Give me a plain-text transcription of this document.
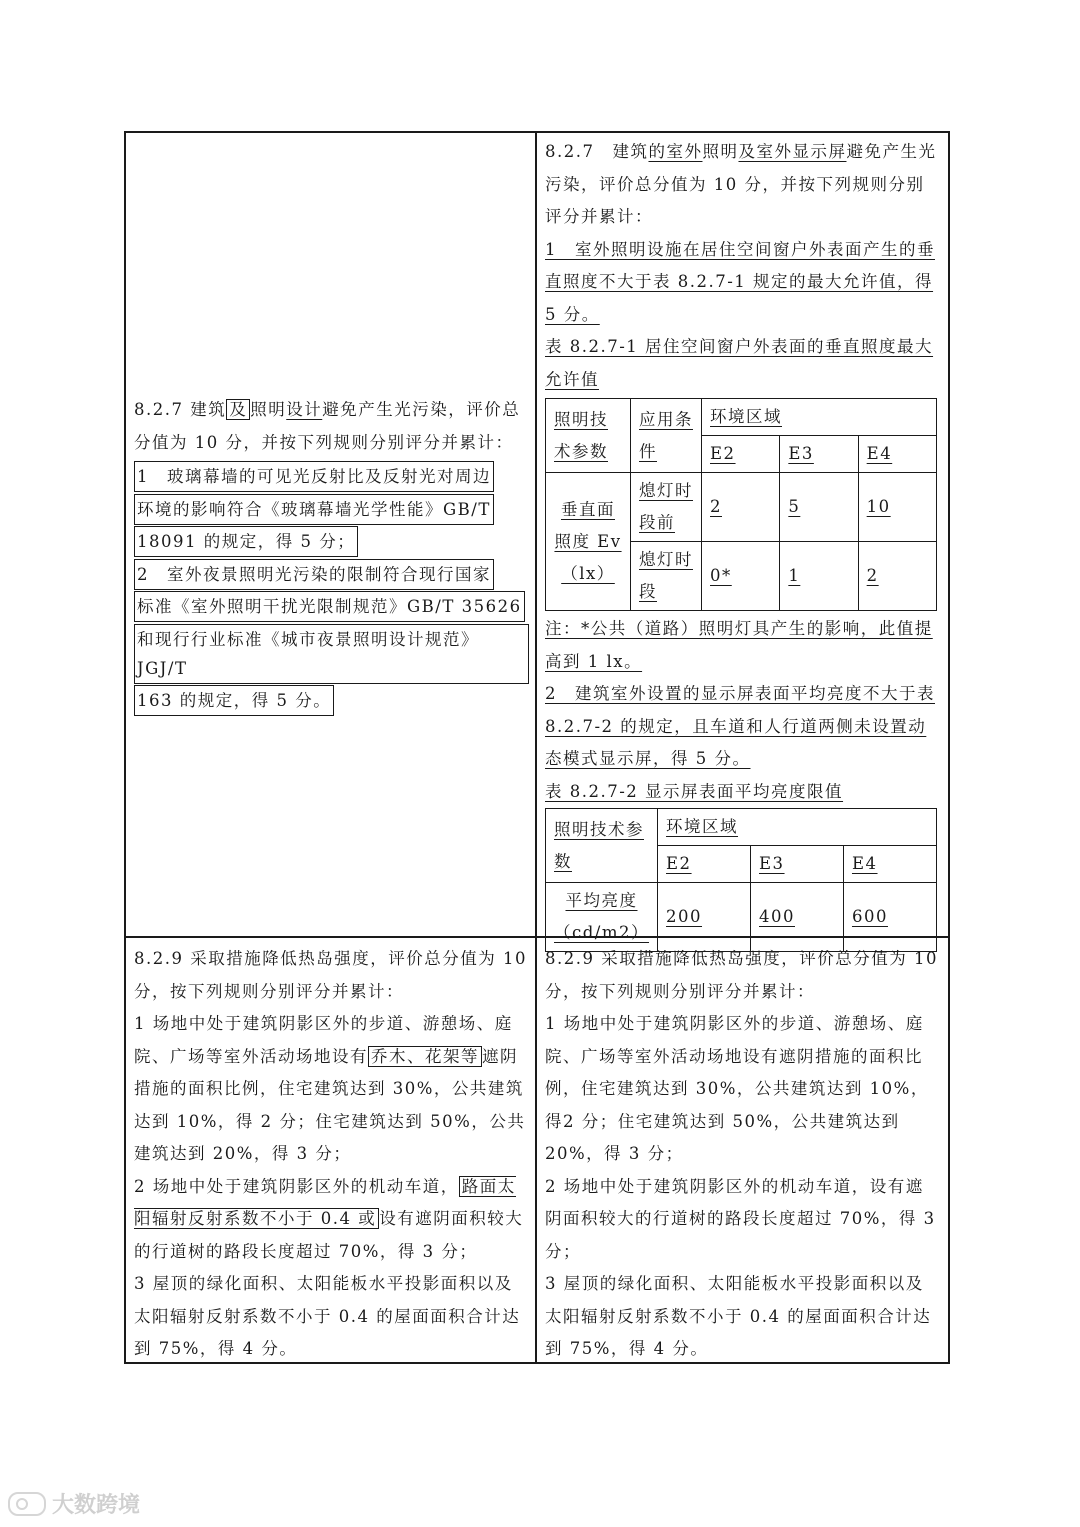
8.2.7 建筑 及 照明设计避免产生光污染，评价总分值为 10 分，并按下列规则分别评分并累计：

1　玻璃幕墙的可见光反射比及反射光对周边
环境的影响符合《玻璃幕墙光学性能》GB/T
18091 的规定，得 5 分；
2　室外夜景照明光污染的限制符合现行国家
标准《室外照明干扰光限制规范》GB/T 35626
和现行行业标准《城市夜景照明设计规范》JGJ/T
163 的规定，得 5 分。

8.2.7　建筑的室外照明及室外显示屏避免产生光污染，评价总分值为 10 分，并按下列规则分别评分并累计：

1　室外照明设施在居住空间窗户外表面产生的垂直照度不大于表 8.2.7-1 规定的最大允许值，得 5 分。

表 8.2.7-1 居住空间窗户外表面的垂直照度最大允许值

照明技术参数	应用条件	环境区域		
		E2	E3	E4
垂直面照度 Ev（lx）	熄灯时段前	2	5	10
	熄灯时段	0*	1	2

注：*公共（道路）照明灯具产生的影响，此值提高到 1 lx。

2　建筑室外设置的显示屏表面平均亮度不大于表 8.2.7-2 的规定，且车道和人行道两侧未设置动态模式显示屏，得 5 分。

表 8.2.7-2 显示屏表面平均亮度限值

照明技术参数	环境区域		
	E2	E3	E4
平均亮度（cd/m2）	200	400	600

8.2.9 采取措施降低热岛强度，评价总分值为 10 分，按下列规则分别评分并累计：

1 场地中处于建筑阴影区外的步道、游憩场、庭院、广场等室外活动场地设有 乔木、花架等 遮阴措施的面积比例，住宅建筑达到 30%，公共建筑达到 10%，得 2 分；住宅建筑达到 50%，公共建筑达到 20%，得 3 分；

2 场地中处于建筑阴影区外的机动车道， 路面太阳辐射反射系数不小于 0.4 或 设有遮阴面积较大的行道树的路段长度超过 70%，得 3 分；

3 屋顶的绿化面积、太阳能板水平投影面积以及太阳辐射反射系数不小于 0.4 的屋面面积合计达到 75%，得 4 分。

8.2.9 采取措施降低热岛强度，评价总分值为 10 分，按下列规则分别评分并累计：

1 场地中处于建筑阴影区外的步道、游憩场、庭院、广场等室外活动场地设有遮阴措施的面积比例，住宅建筑达到 30%，公共建筑达到 10%，得2 分；住宅建筑达到 50%，公共建筑达到 20%，得 3 分；

2 场地中处于建筑阴影区外的机动车道，设有遮阴面积较大的行道树的路段长度超过 70%，得 3 分；

3 屋顶的绿化面积、太阳能板水平投影面积以及太阳辐射反射系数不小于 0.4 的屋面面积合计达到 75%，得 4 分。

大数跨境
